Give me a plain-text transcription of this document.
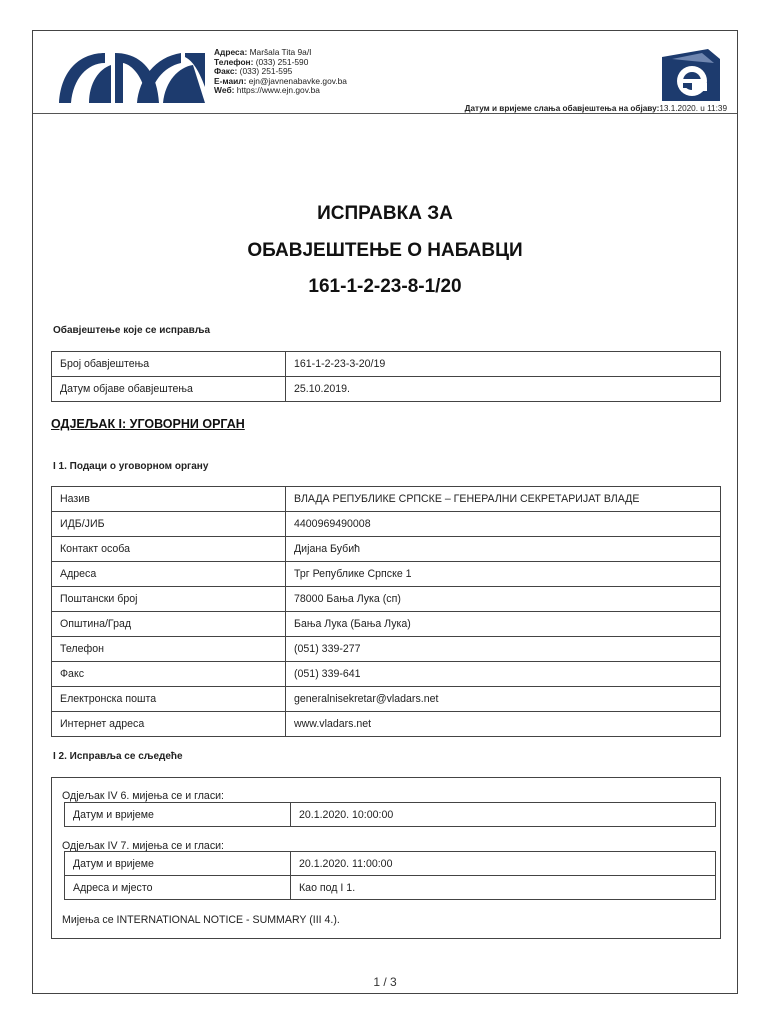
Адреса: Maršala Tita 9a/I
Телефон: (033) 251-590
Факс: (033) 251-595
E-маил: ejn@javnenabavke.gov.ba
Wеб: https://www.ejn.gov.ba
Датум и вријеме слања обавјештења на објаву:13.1.2020. u 11:39
ИСПРАВКА ЗА
ОБАВЈЕШТЕЊЕ О НАБАВЦИ
161-1-2-23-8-1/20
Обавјештење које се исправља
Број обавјештења	161-1-2-23-3-20/19
Датум објаве обавјештења	25.10.2019.
ОДЈЕЉАК I: УГОВОРНИ ОРГАН
I 1. Подаци о уговорном органу
Назив	ВЛАДА РЕПУБЛИКЕ СРПСКЕ – ГЕНЕРАЛНИ СЕКРЕТАРИЈАТ ВЛАДЕ
ИДБ/ЈИБ	4400969490008
Контакт особа	Дијана Бубић
Адреса	Трг Републике Српске 1
Поштански број	78000 Бања Лука (сп)
Општина/Град	Бања Лука (Бања Лука)
Телефон	(051) 339-277
Факс	(051) 339-641
Електронска пошта	generalnisekretar@vladars.net
Интернет адреса	www.vladars.net
I 2. Исправља се сљедеће
Одјељак IV 6. мијења се и гласи:
Датум и вријеме	20.1.2020. 10:00:00
Одјељак IV 7. мијења се и гласи:
Датум и вријеме	20.1.2020. 11:00:00
Адреса и мјесто	Као под I 1.
Мијења се INTERNATIONAL NOTICE - SUMMARY (III 4.).
1 / 3
